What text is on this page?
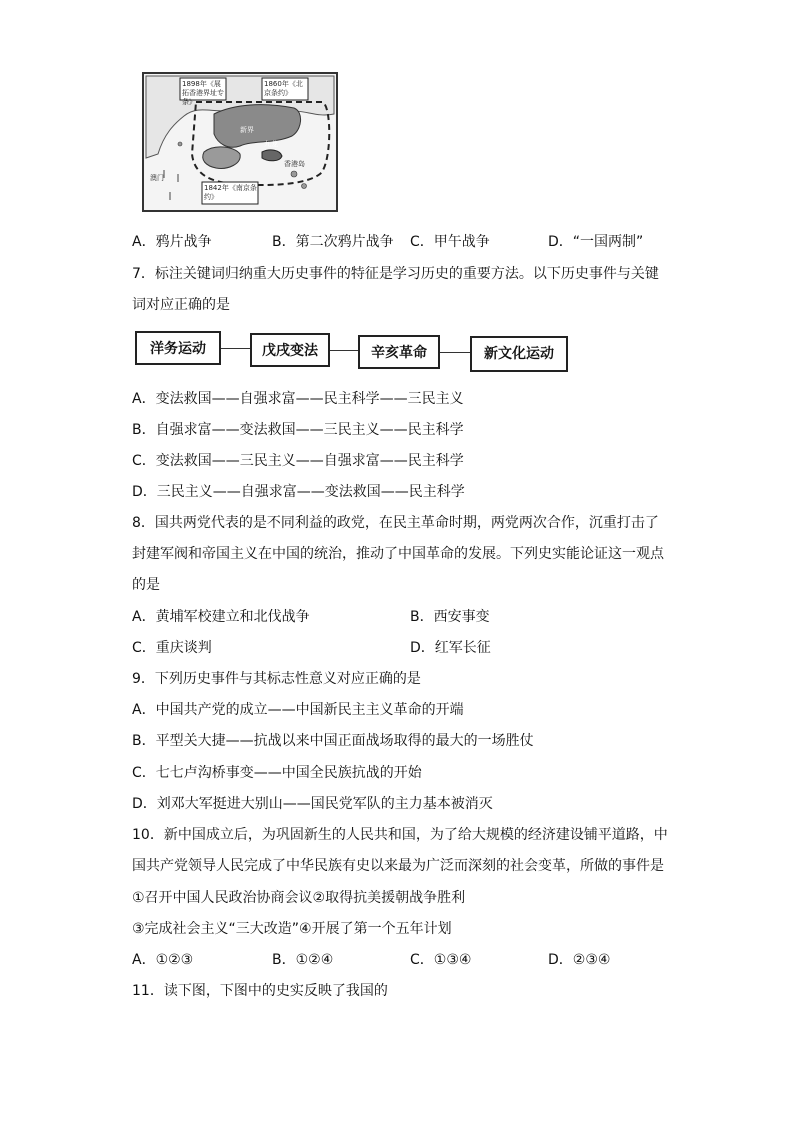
1898年《展拓香港界址专条》
1860年《北京条约》
1842年《南京条约》
澳门
新界
九龙
香港岛
A．鸦片战争	B．第二次鸦片战争 C．甲午战争	D．“一国两制”
7．标注关键词归纳重大历史事件的特征是学习历史的重要方法。以下历史事件与关键
词对应正确的是
洋务运动	戊戌变法	辛亥革命	新文化运动
A．变法救国——自强求富——民主科学——三民主义
B．自强求富——变法救国——三民主义——民主科学
C．变法救国——三民主义——自强求富——民主科学
D．三民主义——自强求富——变法救国——民主科学
8．国共两党代表的是不同利益的政党，在民主革命时期，两党两次合作，沉重打击了
封建军阀和帝国主义在中国的统治，推动了中国革命的发展。下列史实能论证这一观点
的是
A．黄埔军校建立和北伐战争	B．西安事变
C．重庆谈判	D．红军长征
9．下列历史事件与其标志性意义对应正确的是
A．中国共产党的成立——中国新民主主义革命的开端
B．平型关大捷——抗战以来中国正面战场取得的最大的一场胜仗
C．七七卢沟桥事变——中国全民族抗战的开始
D．刘邓大军挺进大别山——国民党军队的主力基本被消灭
10．新中国成立后，为巩固新生的人民共和国，为了给大规模的经济建设铺平道路，中
国共产党领导人民完成了中华民族有史以来最为广泛而深刻的社会变革，所做的事件是
①召开中国人民政治协商会议②取得抗美援朝战争胜利
③完成社会主义“三大改造”④开展了第一个五年计划
A．①②③	B．①②④	C．①③④	D．②③④
11．读下图，下图中的史实反映了我国的
